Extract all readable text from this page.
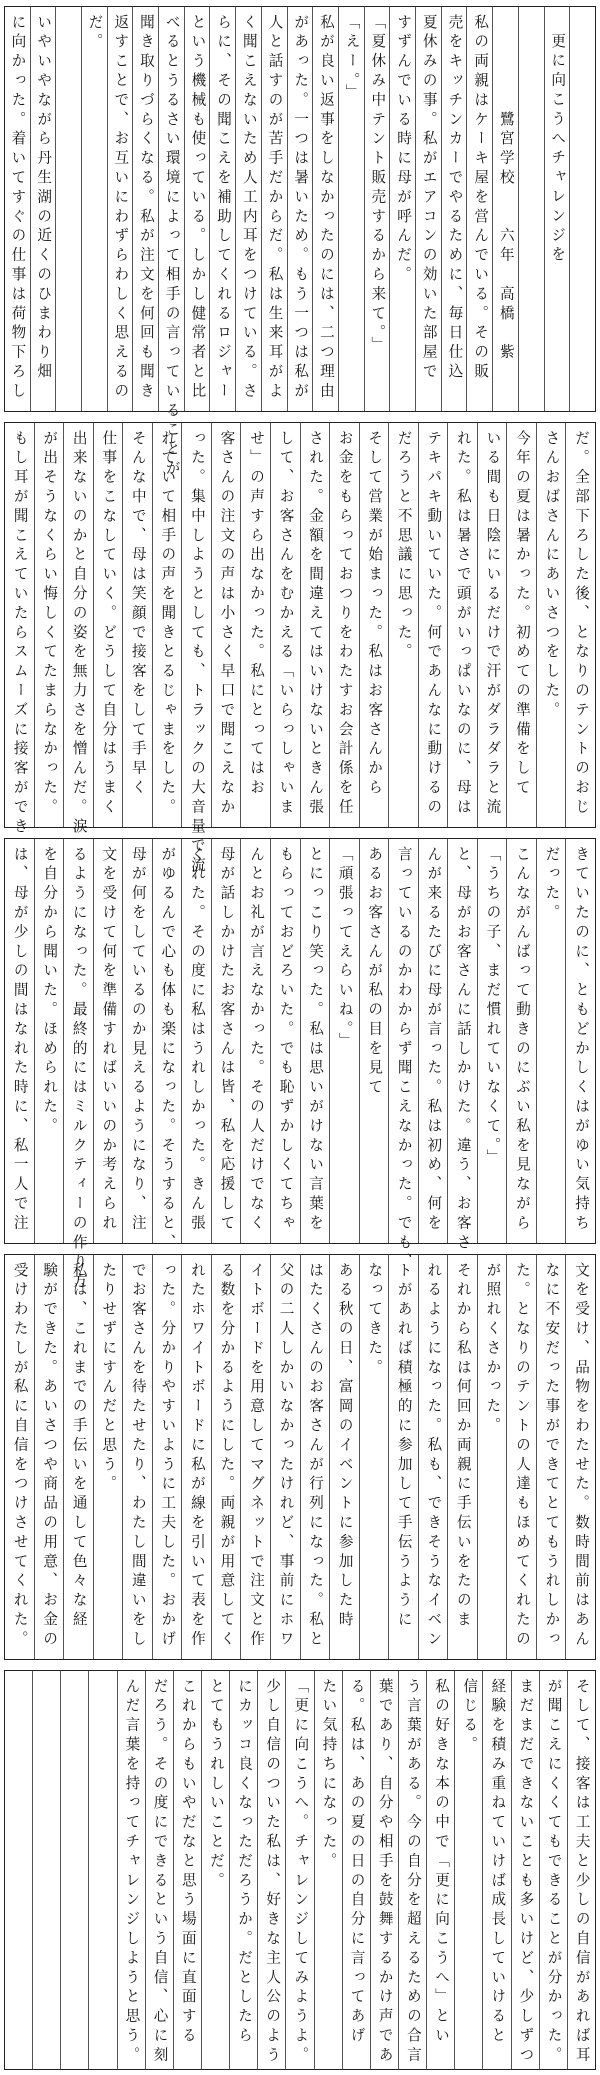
更に向こうへチャレンジを
　　　　　鷺宮学校　　六年　高橋　紫
私の両親はケーキ屋を営んでいる。その販
売をキッチンカーでやるために、毎日仕込
夏休みの事。私がエアコンの効いた部屋で
すずんでいる時に母が呼んだ。
「夏休み中テント販売するから来て。」
「えー。」
私が良い返事をしなかったのには、二つ理由
があった。一つは暑いため。もう一つは私が
人と話すのが苦手だからだ。私は生来耳がよ
く聞こえないため人工内耳をつけている。さ
らに、その聞こえを補助してくれるロジャー
という機械も使っている。しかし健常者と比
べるとうるさい環境によって相手の言っていることが
聞き取りづらくなる。私が注文を何回も聞き
返すことで、お互いにわずらわしく思えるの
だ。
いやいやながら丹生湖の近くのひまわり畑
に向かった。着いてすぐの仕事は荷物下ろし
だ。全部下ろした後、となりのテントのおじ
さんおばさんにあいさつをした。
今年の夏は暑かった。初めての準備をして
いる間も日陰にいるだけで汗がダラダラと流
れた。私は暑さで頭がいっぱいなのに、母は
テキパキ動いていた。何であんなに動けるの
だろうと不思議に思った。
そして営業が始まった。私はお客さんから
お金をもらっておつりをわたすお会計係を任
された。金額を間違えてはいけないときん張
して、お客さんをむかえる「いらっしゃいま
せ」の声すら出なかった。私にとってはお
客さんの注文の声は小さく早口で聞こえなか
った。集中しようとしても、トラックの大音量で流
れていて相手の声を聞きとるじゃまをした。
そんな中で、母は笑顔で接客をして手早く
仕事をこなしていく。どうして自分はうまく
出来ないのかと自分の姿を無力さを憎んだ。涙
が出そうなくらい悔しくてたまらなかった。
もし耳が聞こえていたらスムーズに接客ができ
きていたのに、ともどかしくはがゆい気持ち
だった。
こんながんばって動きのにぶい私を見ながら
「うちの子、まだ慣れていなくて。」
と、母がお客さんに話しかけた。違う、お客さ
んが来るたびに母が言った。私は初め、何を
言っているのかわからず聞こえなかった。でも、
あるお客さんが私の目を見て
「頑張ってえらいね。」
とにっこり笑った。私は思いがけない言葉を
もらっておどろいた。でも恥ずかしくてちゃ
んとお礼が言えなかった。その人だけでなく
母が話しかけたお客さんは皆、私を応援して
くれた。その度に私はうれしかった。きん張
がゆるんで心も体も楽になった。そうすると、
母が何をしているのか見えるようになり、注
文を受けて何を準備すればいいのか考えられ
るようになった。最終的にはミルクティーの作り方
を自分から聞いた。ほめられた。
は、母が少しの間はなれた時に、私一人で注
文を受け、品物をわたせた。数時間前はあん
なに不安だった事ができてとてもうれしかっ
た。となりのテントの人達もほめてくれたの
が照れくさかった。
それから私は何回か両親に手伝いをたのま
れるようになった。私も、できそうなイベン
トがあれば積極的に参加して手伝うように
なってきた。
ある秋の日、富岡のイベントに参加した時
はたくさんのお客さんが行列になった。私と
父の二人しかいなかったけれど、事前にホワ
イトボードを用意してマグネットで注文と作
る数を分かるようにした。両親が用意してく
れたホワイトボードに私が線を引いて表を作
った。分かりやすいように工夫した。おかげ
でお客さんを待たせたり、わたし間違いをし
たりせずにすんだと思う。
私は、これまでの手伝いを通して色々な経
験ができた。あいさつや商品の用意、お金の
受けわたしが私に自信をつけさせてくれた。
そして、接客は工夫と少しの自信があれば耳
が聞こえにくくてもできることが分かった。
まだまだできないことも多いけど、少しずつ
経験を積み重ねていけば成長していけると
信じる。
私の好きな本の中で「更に向こうへ」とい
う言葉がある。今の自分を超えるための合言
葉であり、自分や相手を鼓舞するかけ声であ
る。私は、あの夏の日の自分に言ってあげ
たい気持ちになった。
「更に向こうへ。チャレンジしてみようよ。
少し自信のついた私は、好きな主人公のよう
にカッコ良くなっただろうか。だとしたら
とてもうれしいことだ。
これからもいやだなと思う場面に直面する
だろう。その度にできるという自信、心に刻
んだ言葉を持ってチャレンジしようと思う。
